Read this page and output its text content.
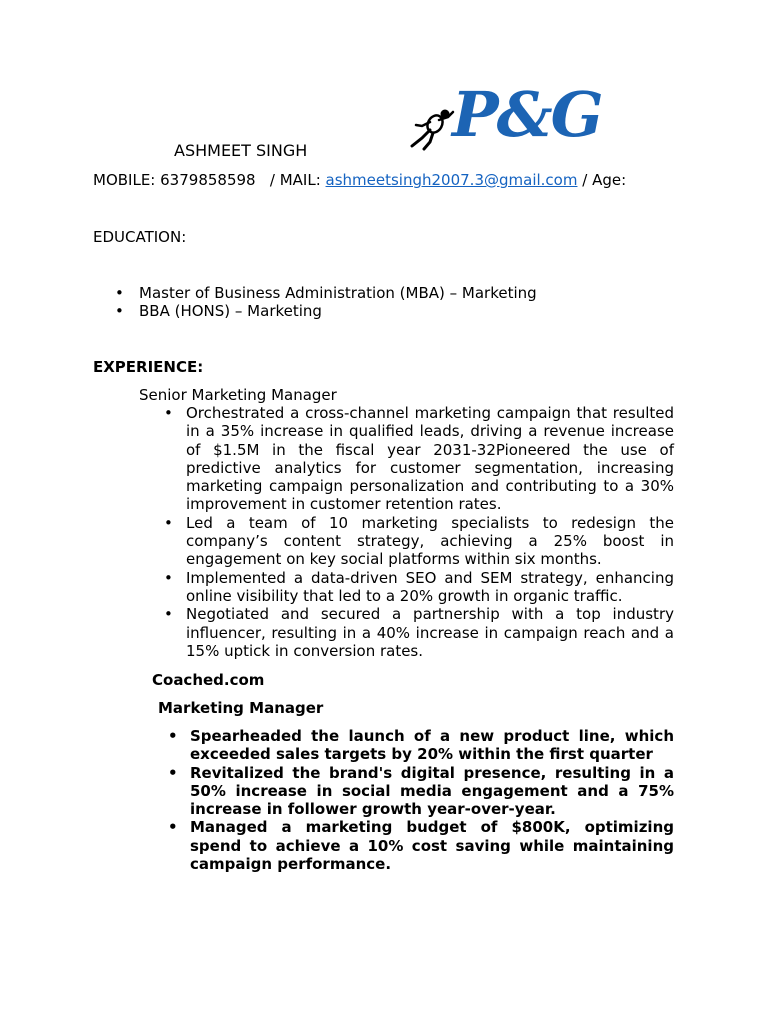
ASHMEET SINGH P&G
MOBILE: 6379858598 / MAIL: ashmeetsingh2007.3@gmail.com / Age:
EDUCATION:
• Master of Business Administration (MBA) – Marketing
• BBA (HONS) – Marketing
EXPERIENCE:
Senior Marketing Manager
• Orchestrated a cross-channel marketing campaign that resulted in a 35% increase in qualified leads, driving a revenue increase of $1.5M in the fiscal year 2031-32Pioneered the use of predictive analytics for customer segmentation, increasing marketing campaign personalization and contributing to a 30% improvement in customer retention rates.
• Led a team of 10 marketing specialists to redesign the company’s content strategy, achieving a 25% boost in engagement on key social platforms within six months.
• Implemented a data-driven SEO and SEM strategy, enhancing online visibility that led to a 20% growth in organic traffic.
• Negotiated and secured a partnership with a top industry influencer, resulting in a 40% increase in campaign reach and a 15% uptick in conversion rates.
Coached.com
Marketing Manager
• Spearheaded the launch of a new product line, which exceeded sales targets by 20% within the first quarter
• Revitalized the brand's digital presence, resulting in a 50% increase in social media engagement and a 75% increase in follower growth year-over-year.
• Managed a marketing budget of $800K, optimizing spend to achieve a 10% cost saving while maintaining campaign performance.
